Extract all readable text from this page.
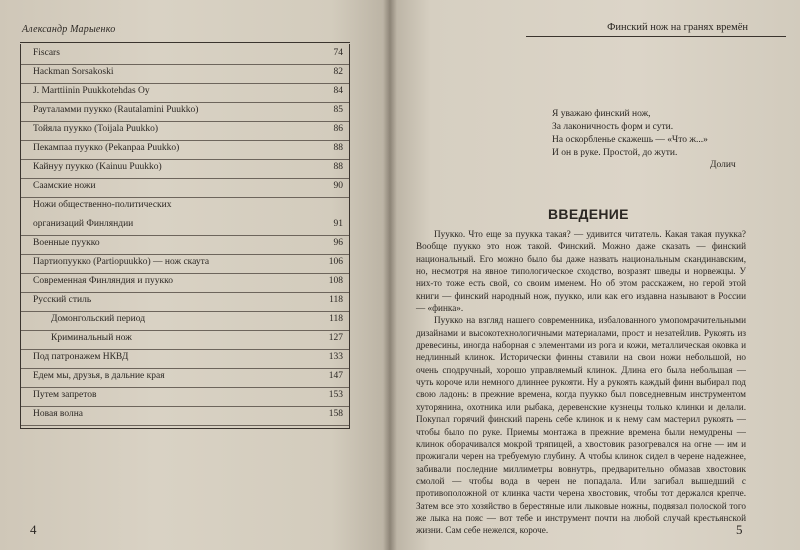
Александр Марыенко
Fiscars	74
Hackman Sorsakoski	82
J. Marttiinin Puukkotehdas Oy	84
Рауталамми пуукко (Rautalamini Puukko)	85
Тойяла пуукко (Toijala Puukko)	86
Пекампаа пуукко (Pekanpaa Puukko)	88
Кайнуу пуукко (Kainuu Puukko)	88
Саамские ножи	90
Ножи общественно-политических
организаций Финляндии	91
Военные пуукко	96
Партиопуукко (Partiopuukko) — нож скаута	106
Современная Финляндия и пуукко	108
Русский стиль	118
Домонгольский период	118
Криминальный нож	127
Под патронажем НКВД	133
Едем мы, друзья, в дальние края	147
Путем запретов	153
Новая волна	158
4
Финский нож на гранях времён
5
Я уважаю финский нож,
За лаконичность форм и сути.
На оскорбленье скажешь — «Что ж...»
И он в руке. Простой, до жути.
Долич
ВВЕДЕНИЕ

Пуукко. Что еще за пуукка такая? — удивится читатель. Какая такая пуукка? Вообще пуукко это нож такой. Финский. Можно даже сказать — финский национальный. Его можно было бы даже назвать национальным скандинавским, но, несмотря на явное типологическое сходство, возразят шведы и норвежцы. У них-то тоже есть свой, со своим именем. Но об этом расскажем, но герой этой книги — финский народный нож, пуукко, или как его издавна называют в России — «финка».

Пуукко на взгляд нашего современника, избалованного умопомрачительными дизайнами и высокотехнологичными материалами, прост и незатейлив. Рукоять из древесины, иногда наборная с элементами из рога и кожи, металлическая оковка и недлинный клинок. Исторически финны ставили на свои ножи небольшой, но очень сподручный, хорошо управляемый клинок. Длина его была небольшая — чуть короче или немного длиннее рукояти. Ну а рукоять каждый финн выбирал под свою ладонь: в прежние времена, когда пуукко был повседневным инструментом хуторянина, охотника или рыбака, деревенские кузнецы только клинки и делали. Покупал горячий финский парень себе клинок и к нему сам мастерил рукоять — чтобы было по руке. Приемы монтажа в прежние времена были немудрены — клинок оборачивался мокрой тряпицей, а хвостовик разогревался на огне — им и прожигали черен на требуемую глубину. А чтобы клинок сидел в черене надежнее, забивали последние миллиметры вовнутрь, предварительно обмазав хвостовик смолой — чтобы вода в черен не попадала. Или загибал вышедший с противоположной от клинка части черена хвостовик, чтобы тот держался крепче. Затем все это хозяйство в берестяные или лыковые ножны, подвязал полоской того же лыка на пояс — вот тебе и инструмент почти на любой случай крестьянской жизни. Сам себе нежелся, короче.
